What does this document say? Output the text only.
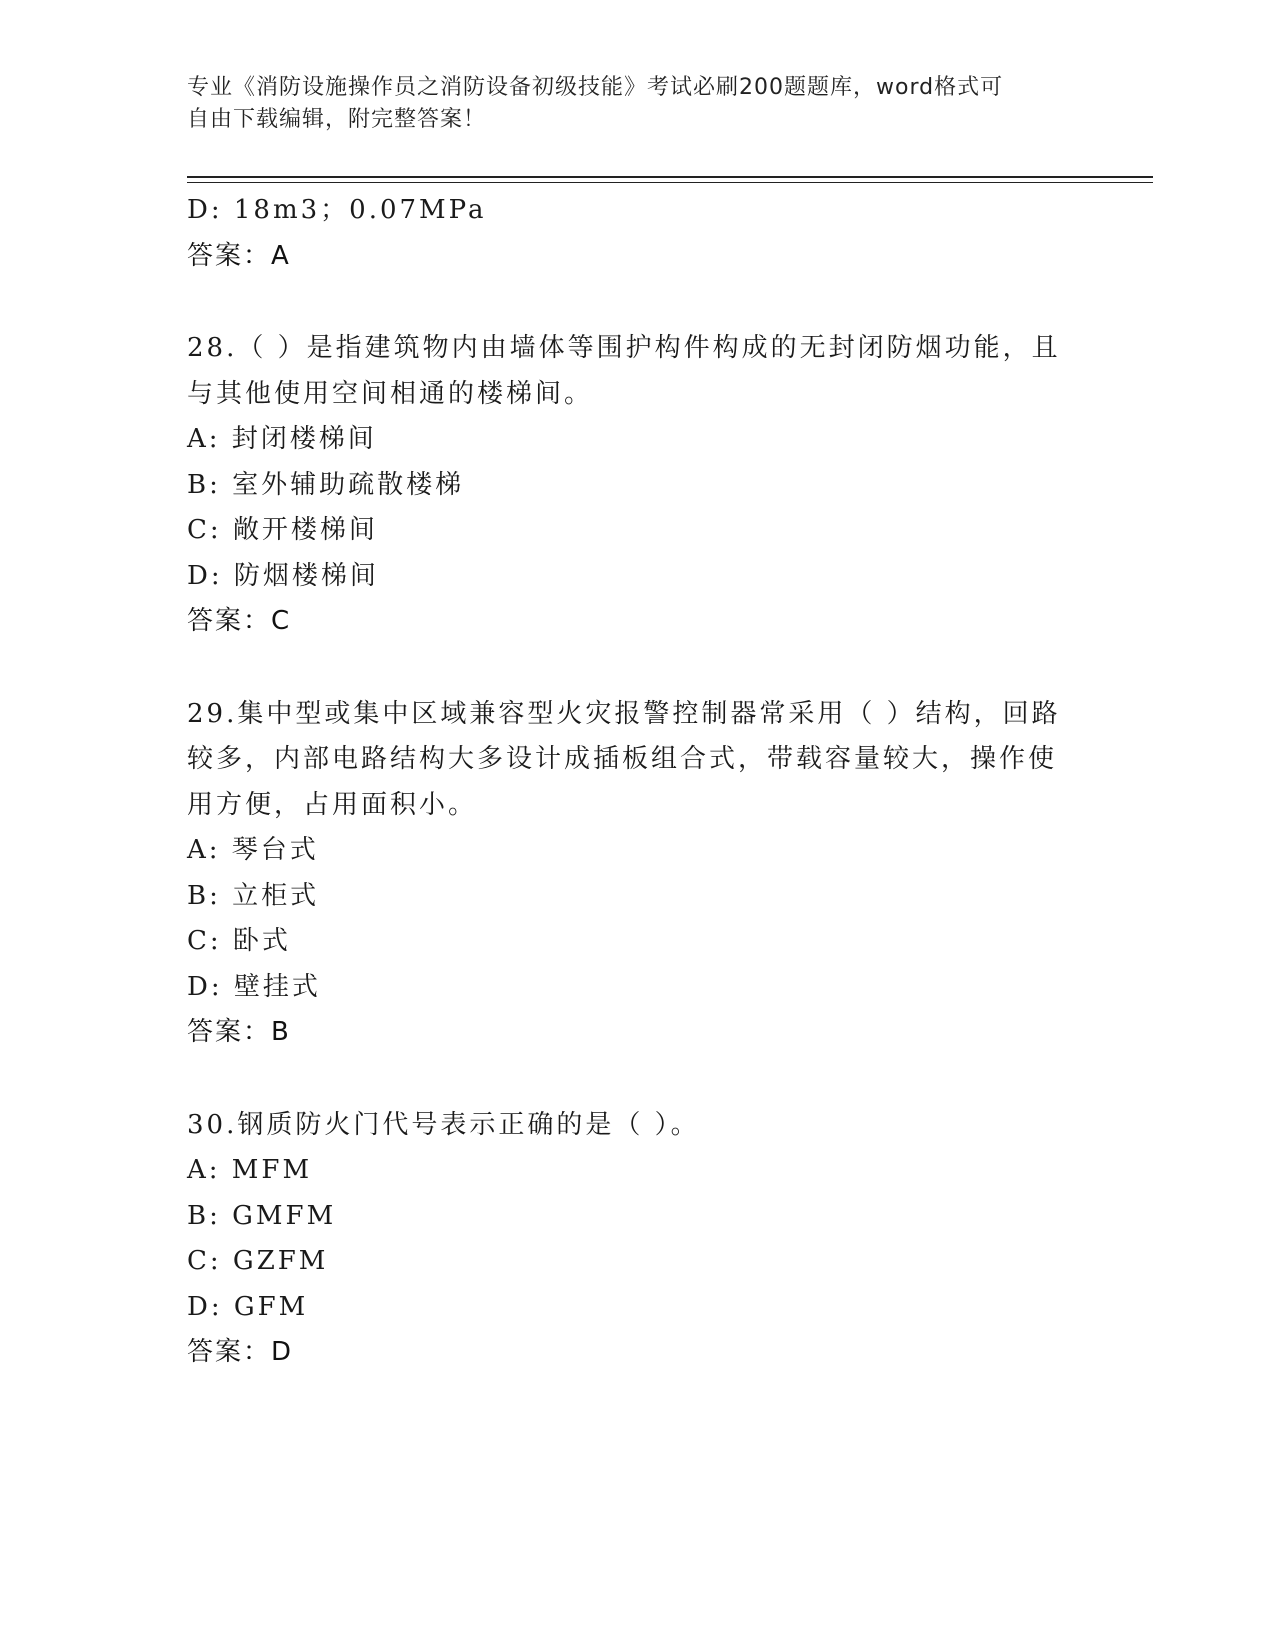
专业《消防设施操作员之消防设备初级技能》考试必刷200题题库，word格式可
自由下载编辑，附完整答案！
D: 18m3；0.07MPa
答案：A
28.（ ）是指建筑物内由墙体等围护构件构成的无封闭防烟功能，且
与其他使用空间相通的楼梯间。
A: 封闭楼梯间
B: 室外辅助疏散楼梯
C: 敞开楼梯间
D: 防烟楼梯间
答案：C
29.集中型或集中区域兼容型火灾报警控制器常采用（ ）结构，回路
较多，内部电路结构大多设计成插板组合式，带载容量较大，操作使
用方便，占用面积小。
A: 琴台式
B: 立柜式
C: 卧式
D: 壁挂式
答案：B
30.钢质防火门代号表示正确的是（ ）。
A: MFM
B: GMFM
C: GZFM
D: GFM
答案：D
